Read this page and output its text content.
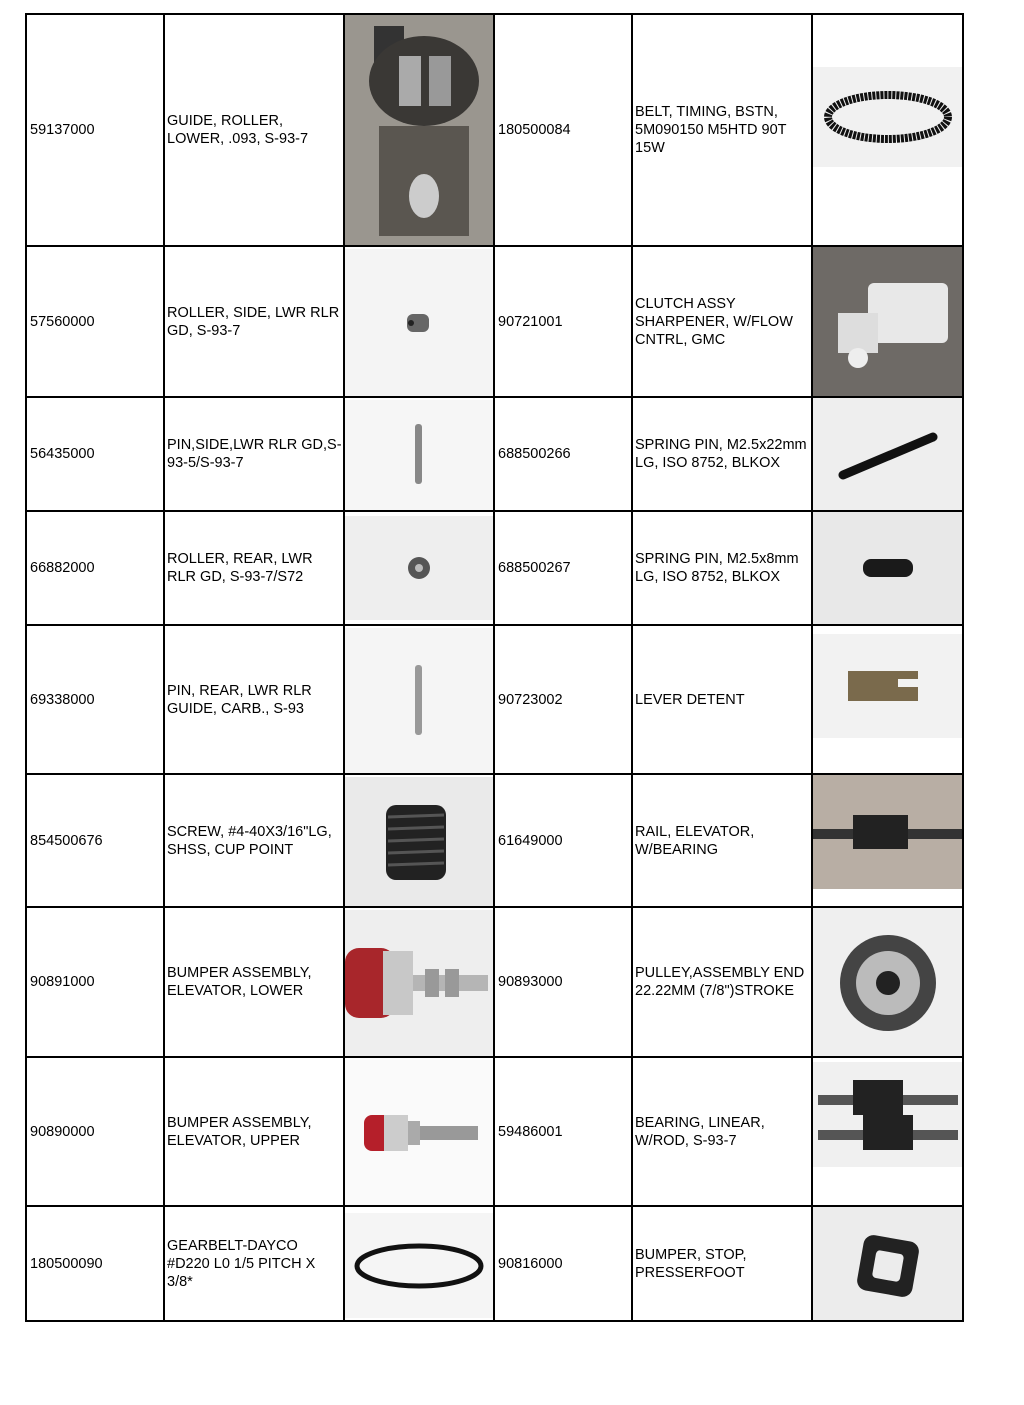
59137000	GUIDE, ROLLER, LOWER, .093, S-93-7		180500084	BELT, TIMING, BSTN, 5M090150 M5HTD 90T 15W	

57560000	ROLLER, SIDE, LWR RLR GD, S-93-7		90721001	CLUTCH ASSY SHARPENER, W/FLOW CNTRL, GMC	

56435000	PIN,SIDE,LWR RLR GD,S-93-5/S-93-7		688500266	SPRING PIN, M2.5x22mm LG, ISO 8752, BLKOX	

66882000	ROLLER, REAR, LWR RLR GD, S-93-7/S72		688500267	SPRING PIN, M2.5x8mm LG, ISO 8752, BLKOX	

69338000	PIN, REAR, LWR RLR GUIDE, CARB., S-93		90723002	LEVER DETENT	

854500676	SCREW, #4-40X3/16"LG, SHSS, CUP POINT		61649000	RAIL, ELEVATOR, W/BEARING	

90891000	BUMPER ASSEMBLY, ELEVATOR, LOWER		90893000	PULLEY,ASSEMBLY END 22.22MM (7/8")STROKE	

90890000	BUMPER ASSEMBLY, ELEVATOR, UPPER		59486001	BEARING, LINEAR, W/ROD, S-93-7	

180500090	GEARBELT-DAYCO #D220 L0 1/5 PITCH X 3/8*		90816000	BUMPER, STOP, PRESSERFOOT	
